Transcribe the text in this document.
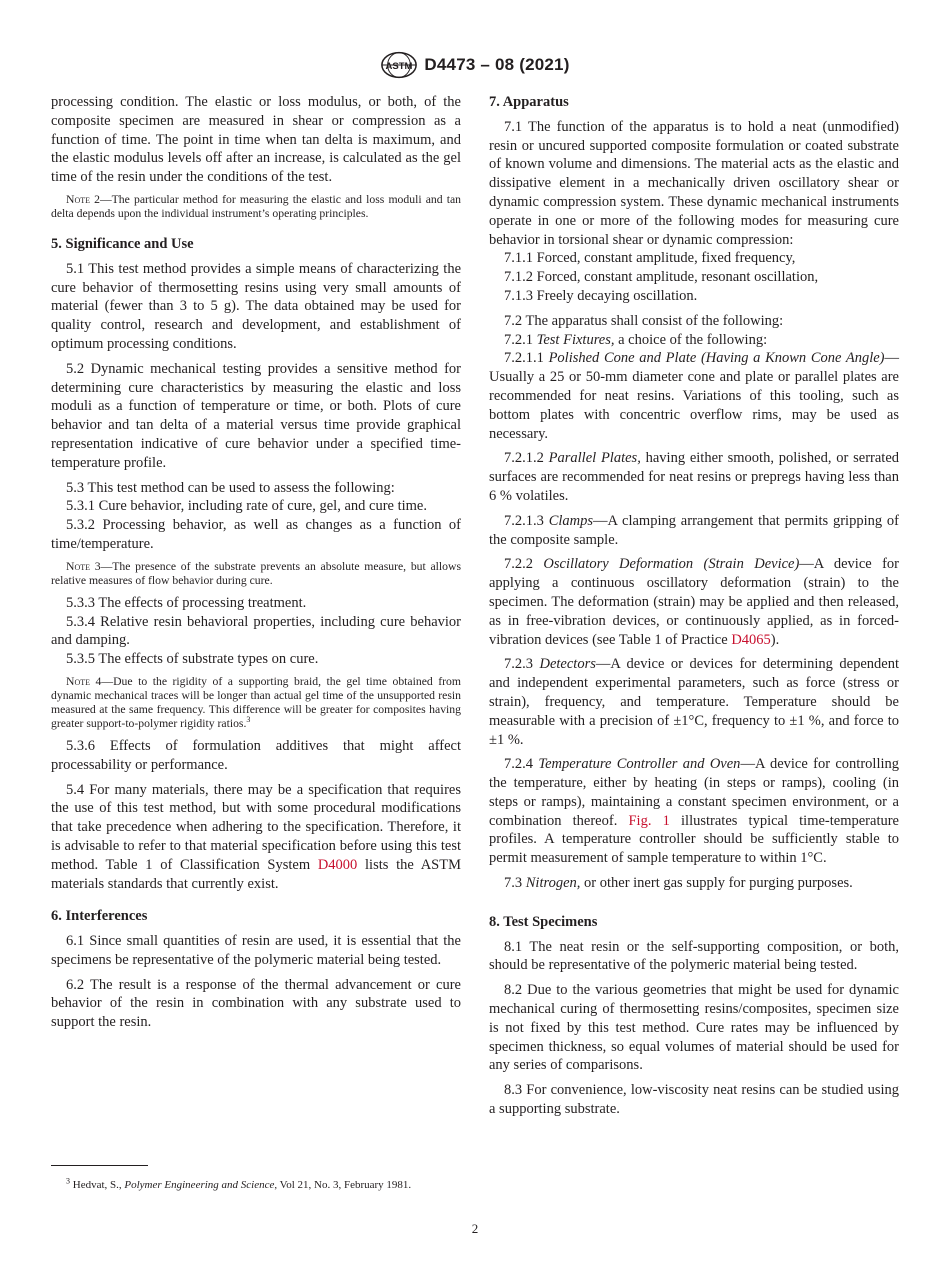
ASTM D4473 – 08 (2021)

processing condition. The elastic or loss modulus, or both, of the composite specimen are measured in shear or compression as a function of time. The point in time when tan delta is maximum, and the elastic modulus levels off after an increase, is calculated as the gel time of the resin under the conditions of the test.

Note 2—The particular method for measuring the elastic and loss moduli and tan delta depends upon the individual instrument’s operating principles.
5. Significance and Use

5.1 This test method provides a simple means of characterizing the cure behavior of thermosetting resins using very small amounts of material (fewer than 3 to 5 g). The data obtained may be used for quality control, research and development, and establishment of optimum processing conditions.

5.2 Dynamic mechanical testing provides a sensitive method for determining cure characteristics by measuring the elastic and loss moduli as a function of temperature or time, or both. Plots of cure behavior and tan delta of a material versus time provide graphical representation indicative of cure behavior under a specified time-temperature profile.

5.3 This test method can be used to assess the following:

5.3.1 Cure behavior, including rate of cure, gel, and cure time.

5.3.2 Processing behavior, as well as changes as a function of time/temperature.

Note 3—The presence of the substrate prevents an absolute measure, but allows relative measures of flow behavior during cure.

5.3.3 The effects of processing treatment.

5.3.4 Relative resin behavioral properties, including cure behavior and damping.

5.3.5 The effects of substrate types on cure.

Note 4—Due to the rigidity of a supporting braid, the gel time obtained from dynamic mechanical traces will be longer than actual gel time of the unsupported resin measured at the same frequency. This difference will be greater for composites having greater support-to-polymer rigidity ratios.$^3$

5.3.6 Effects of formulation additives that might affect processability or performance.

5.4 For many materials, there may be a specification that requires the use of this test method, but with some procedural modifications that take precedence when adhering to the specification. Therefore, it is advisable to refer to that material specification before using this test method. Table 1 of Classification System D4000 lists the ASTM materials standards that currently exist.

6. Interferences

6.1 Since small quantities of resin are used, it is essential that the specimens be representative of the polymeric material being tested.

6.2 The result is a response of the thermal advancement or cure behavior of the resin in combination with any substrate used to support the resin.

7. Apparatus

7.1 The function of the apparatus is to hold a neat (unmodified) resin or uncured supported composite formulation or coated substrate of known volume and dimensions. The material acts as the elastic and dissipative element in a mechanically driven oscillatory shear or dynamic compression system. These dynamic mechanical instruments operate in one or more of the following modes for measuring cure behavior in torsional shear or dynamic compression:

7.1.1 Forced, constant amplitude, fixed frequency,

7.1.2 Forced, constant amplitude, resonant oscillation,

7.1.3 Freely decaying oscillation.

7.2 The apparatus shall consist of the following:

7.2.1 Test Fixtures, a choice of the following:

7.2.1.1 Polished Cone and Plate (Having a Known Cone Angle)—Usually a 25 or 50-mm diameter cone and plate or parallel plates are recommended for neat resins. Variations of this tooling, such as bottom plates with concentric overflow rims, may be used as necessary.

7.2.1.2 Parallel Plates, having either smooth, polished, or serrated surfaces are recommended for neat resins or prepregs having less than 6 % volatiles.

7.2.1.3 Clamps—A clamping arrangement that permits gripping of the composite sample.

7.2.2 Oscillatory Deformation (Strain Device)—A device for applying a continuous oscillatory deformation (strain) to the specimen. The deformation (strain) may be applied and then released, as in free-vibration devices, or continuously applied, as in forced-vibration devices (see Table 1 of Practice D4065).

7.2.3 Detectors—A device or devices for determining dependent and independent experimental parameters, such as force (stress or strain), frequency, and temperature. Temperature should be measurable with a precision of ±1°C, frequency to ±1 %, and force to ±1 %.

7.2.4 Temperature Controller and Oven—A device for controlling the temperature, either by heating (in steps or ramps), cooling (in steps or ramps), maintaining a constant specimen environment, or a combination thereof. Fig. 1 illustrates typical time-temperature profiles. A temperature controller should be sufficiently stable to permit measurement of sample temperature to within 1°C.

7.3 Nitrogen, or other inert gas supply for purging purposes.

8. Test Specimens

8.1 The neat resin or the self-supporting composition, or both, should be representative of the polymeric material being tested.

8.2 Due to the various geometries that might be used for dynamic mechanical curing of thermosetting resins/composites, specimen size is not fixed by this test method. Cure rates may be influenced by specimen thickness, so equal volumes of material should be used for any series of comparisons.

8.3 For convenience, low-viscosity neat resins can be studied using a supporting substrate.

$^3$ Hedvat, S., Polymer Engineering and Science, Vol 21, No. 3, February 1981.
2
